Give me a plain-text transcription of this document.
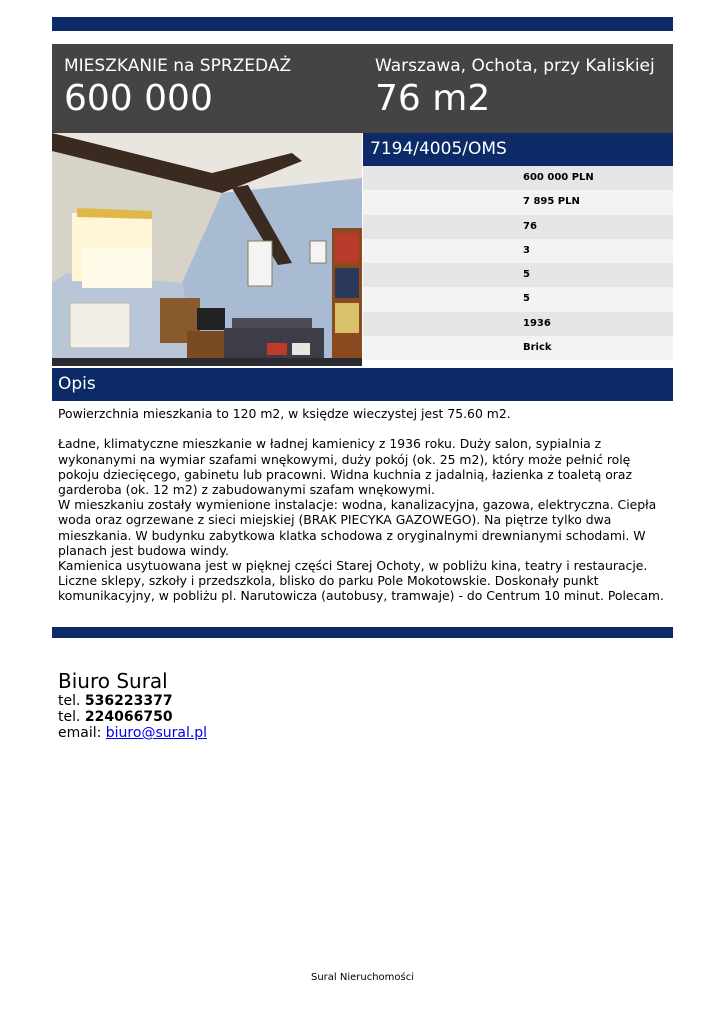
MIESZKANIE na SPRZEDAŻ
600 000
Warszawa, Ochota, przy Kaliskiej
76 m2
7194/4005/OMS
600 000 PLN
7 895 PLN
76
3
5
5
1936
Brick
Opis
Powierzchnia mieszkania to 120 m2, w księdze wieczystej jest 75.60 m2.

Ładne, klimatyczne mieszkanie w ładnej kamienicy z 1936 roku. Duży salon, sypialnia z wykonanymi na wymiar szafami wnękowymi, duży pokój (ok. 25 m2), który może pełnić rolę pokoju dziecięcego, gabinetu lub pracowni. Widna kuchnia z jadalnią, łazienka z toaletą oraz garderoba (ok. 12 m2) z zabudowanymi szafam wnękowymi.
W mieszkaniu zostały wymienione instalacje: wodna, kanalizacyjna, gazowa, elektryczna. Ciepła woda oraz ogrzewane z sieci miejskiej (BRAK PIECYKA GAZOWEGO). Na piętrze tylko dwa mieszkania. W budynku zabytkowa klatka schodowa z oryginalnymi drewnianymi schodami. W planach jest budowa windy.
Kamienica usytuowana jest w pięknej części Starej Ochoty, w pobliżu kina, teatry i restauracje. Liczne sklepy, szkoły i przedszkola, blisko do parku Pole Mokotowskie. Doskonały punkt komunikacyjny, w pobliżu pl. Narutowicza (autobusy, tramwaje) - do Centrum 10 minut. Polecam.
Biuro Sural
tel. 536223377
tel. 224066750
email: biuro@sural.pl
Sural Nieruchomości
